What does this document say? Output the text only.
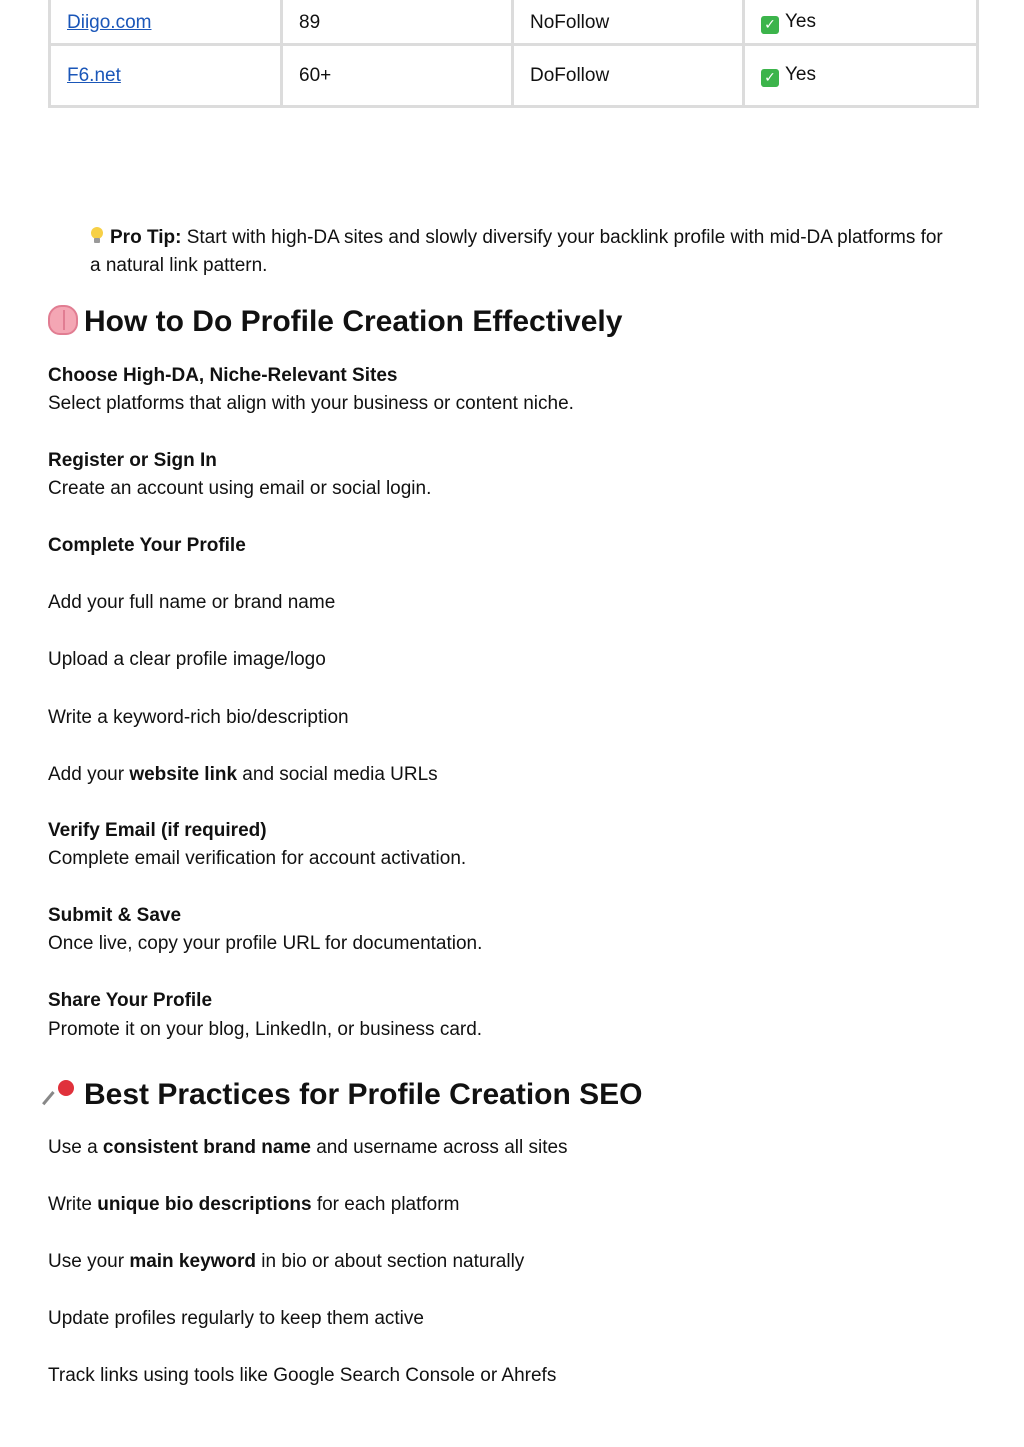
Diigo.com	89	NoFollow	✓ Yes
F6.net	60+	DoFollow	✓ Yes
Pro Tip: Start with high-DA sites and slowly diversify your backlink profile with mid-DA platforms for a natural link pattern.
How to Do Profile Creation Effectively
Choose High-DA, Niche-Relevant Sites
Select platforms that align with your business or content niche.
Register or Sign In
Create an account using email or social login.
Complete Your Profile
Add your full name or brand name
Upload a clear profile image/logo
Write a keyword-rich bio/description
Add your website link and social media URLs
Verify Email (if required)
Complete email verification for account activation.
Submit & Save
Once live, copy your profile URL for documentation.
Share Your Profile
Promote it on your blog, LinkedIn, or business card.
Best Practices for Profile Creation SEO
Use a consistent brand name and username across all sites
Write unique bio descriptions for each platform
Use your main keyword in bio or about section naturally
Update profiles regularly to keep them active
Track links using tools like Google Search Console or Ahrefs
